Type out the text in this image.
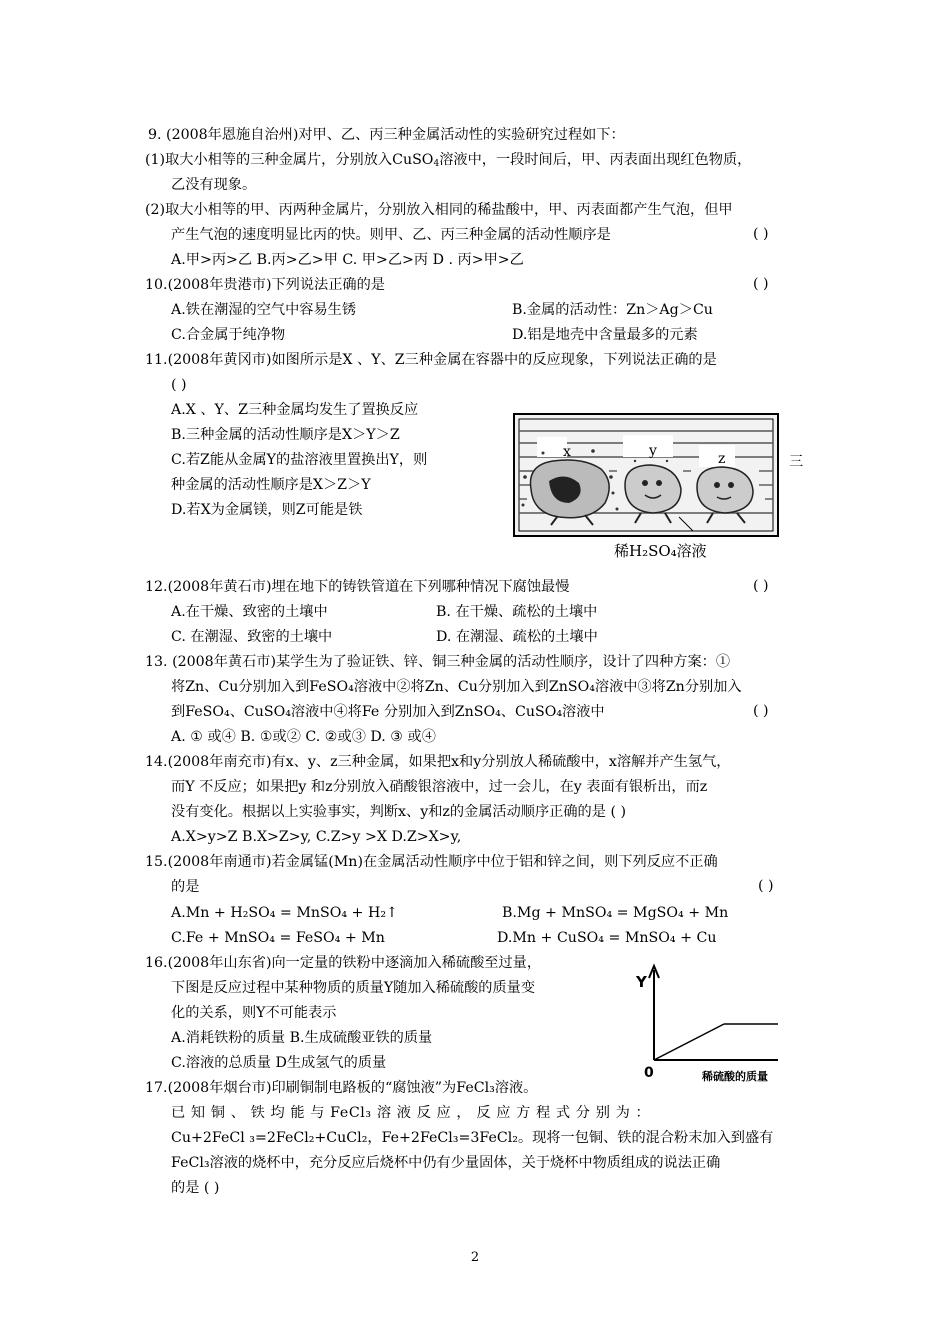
9. (2008年恩施自治州)对甲、乙、丙三种金属活动性的实验研究过程如下：
(1)取大小相等的三种金属片，分别放入CuSO$_4$溶液中，一段时间后，甲、丙表面出现红色物质，
乙没有现象。
(2)取大小相等的甲、丙两种金属片，分别放入相同的稀盐酸中，甲、丙表面都产生气泡，但甲
产生气泡的速度明显比丙的快。则甲、乙、丙三种金属的活动性顺序是	( )
A.甲>丙>乙 B.丙>乙>甲 C. 甲>乙>丙 D . 丙>甲>乙
10.(2008年贵港市)下列说法正确的是	( )
A.铁在潮湿的空气中容易生锈	B.金属的活动性：Zn＞Ag＞Cu
C.合金属于纯净物	D.铝是地壳中含量最多的元素
11.(2008年黄冈市)如图所示是X 、Y、Z三种金属在容器中的反应现象，下列说法正确的是
( )
A.X 、Y、Z三种金属均发生了置换反应
B.三种金属的活动性顺序是X＞Y＞Z
C.若Z能从金属Y的盐溶液里置换出Y，则	三
种金属的活动性顺序是X＞Z＞Y
D.若X为金属镁，则Z可能是铁
x	y	z
稀H₂SO₄溶液
12.(2008年黄石市)埋在地下的铸铁管道在下列哪种情况下腐蚀最慢	( )
A.在干燥、致密的土壤中	B. 在干燥、疏松的土壤中
C. 在潮湿、致密的土壤中	D. 在潮湿、疏松的土壤中
13. (2008年黄石市)某学生为了验证铁、锌、铜三种金属的活动性顺序，设计了四种方案：①
将Zn、Cu分别加入到FeSO₄溶液中②将Zn、Cu分别加入到ZnSO₄溶液中③将Zn分别加入
到FeSO₄、CuSO₄溶液中④将Fe 分别加入到ZnSO₄、CuSO₄溶液中	( )
A. ① 或④ B. ①或② C. ②或③ D. ③ 或④
14.(2008年南充市)有x、y、z三种金属，如果把x和y分别放人稀硫酸中，x溶解并产生氢气，
而Y 不反应；如果把y 和z分别放入硝酸银溶液中，过一会儿，在y 表面有银析出，而z
没有变化。根据以上实验事实，判断x、y和z的金属活动顺序正确的是 ( )
A.X>y>Z B.X>Z>y, C.Z>y >X D.Z>X>y,
15.(2008年南通市)若金属锰(Mn)在金属活动性顺序中位于铝和锌之间，则下列反应不正确
的是	( )
A.Mn + H₂SO₄ = MnSO₄ + H₂↑	B.Mg + MnSO₄ = MgSO₄ + Mn
C.Fe + MnSO₄ = FeSO₄ + Mn	D.Mn + CuSO₄ = MnSO₄ + Cu
16.(2008年山东省)向一定量的铁粉中逐滴加入稀硫酸至过量，
下图是反应过程中某种物质的质量Y随加入稀硫酸的质量变
化的关系，则Y不可能表示
A.消耗铁粉的质量 B.生成硫酸亚铁的质量
C.溶液的总质量 D生成氢气的质量
Y
0	稀硫酸的质量
17.(2008年烟台市)印刷铜制电路板的“腐蚀液”为FeCl₃溶液。
已 知 铜 、 铁 均 能 与 FeCl₃ 溶 液 反 应 ， 反 应 方 程 式 分 别 为 ：
Cu+2FeCl ₃=2FeCl₂+CuCl₂，Fe+2FeCl₃=3FeCl₂。现将一包铜、铁的混合粉末加入到盛有
FeCl₃溶液的烧杯中，充分反应后烧杯中仍有少量固体，关于烧杯中物质组成的说法正确
的是 ( )
2
